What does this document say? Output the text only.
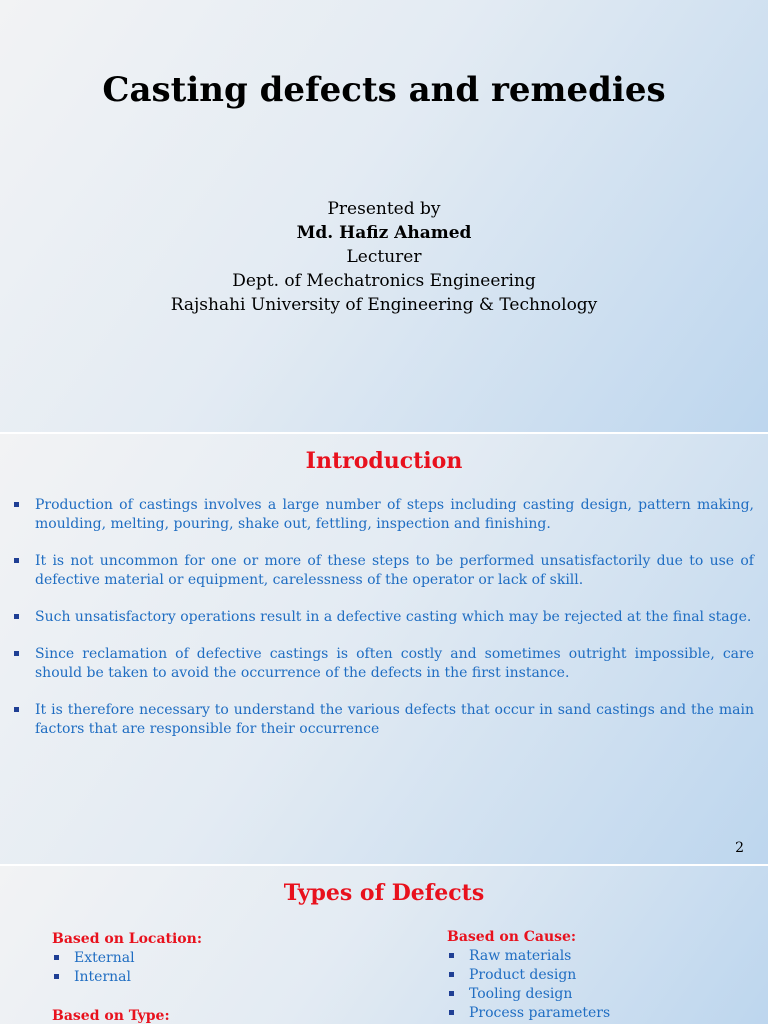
Casting defects and remedies
Presented by
Md. Hafiz Ahamed
Lecturer
Dept. of Mechatronics Engineering
Rajshahi University of Engineering & Technology
Introduction
Production of castings involves a large number of steps including casting design, pattern making, moulding, melting, pouring, shake out, fettling, inspection and finishing.
It is not uncommon for one or more of these steps to be performed unsatisfactorily due to use of defective material or equipment, carelessness of the operator or lack of skill.
Such unsatisfactory operations result in a defective casting which may be rejected at the final stage.
Since reclamation of defective castings is often costly and sometimes outright impossible, care should be taken to avoid the occurrence of the defects in the first instance.
It is therefore necessary to understand the various defects that occur in sand castings and the main factors that are responsible for their occurrence
2
Types of Defects
Based on Location:
External
Internal
Based on Type:
Based on Cause:
Raw materials
Product design
Tooling design
Process parameters
